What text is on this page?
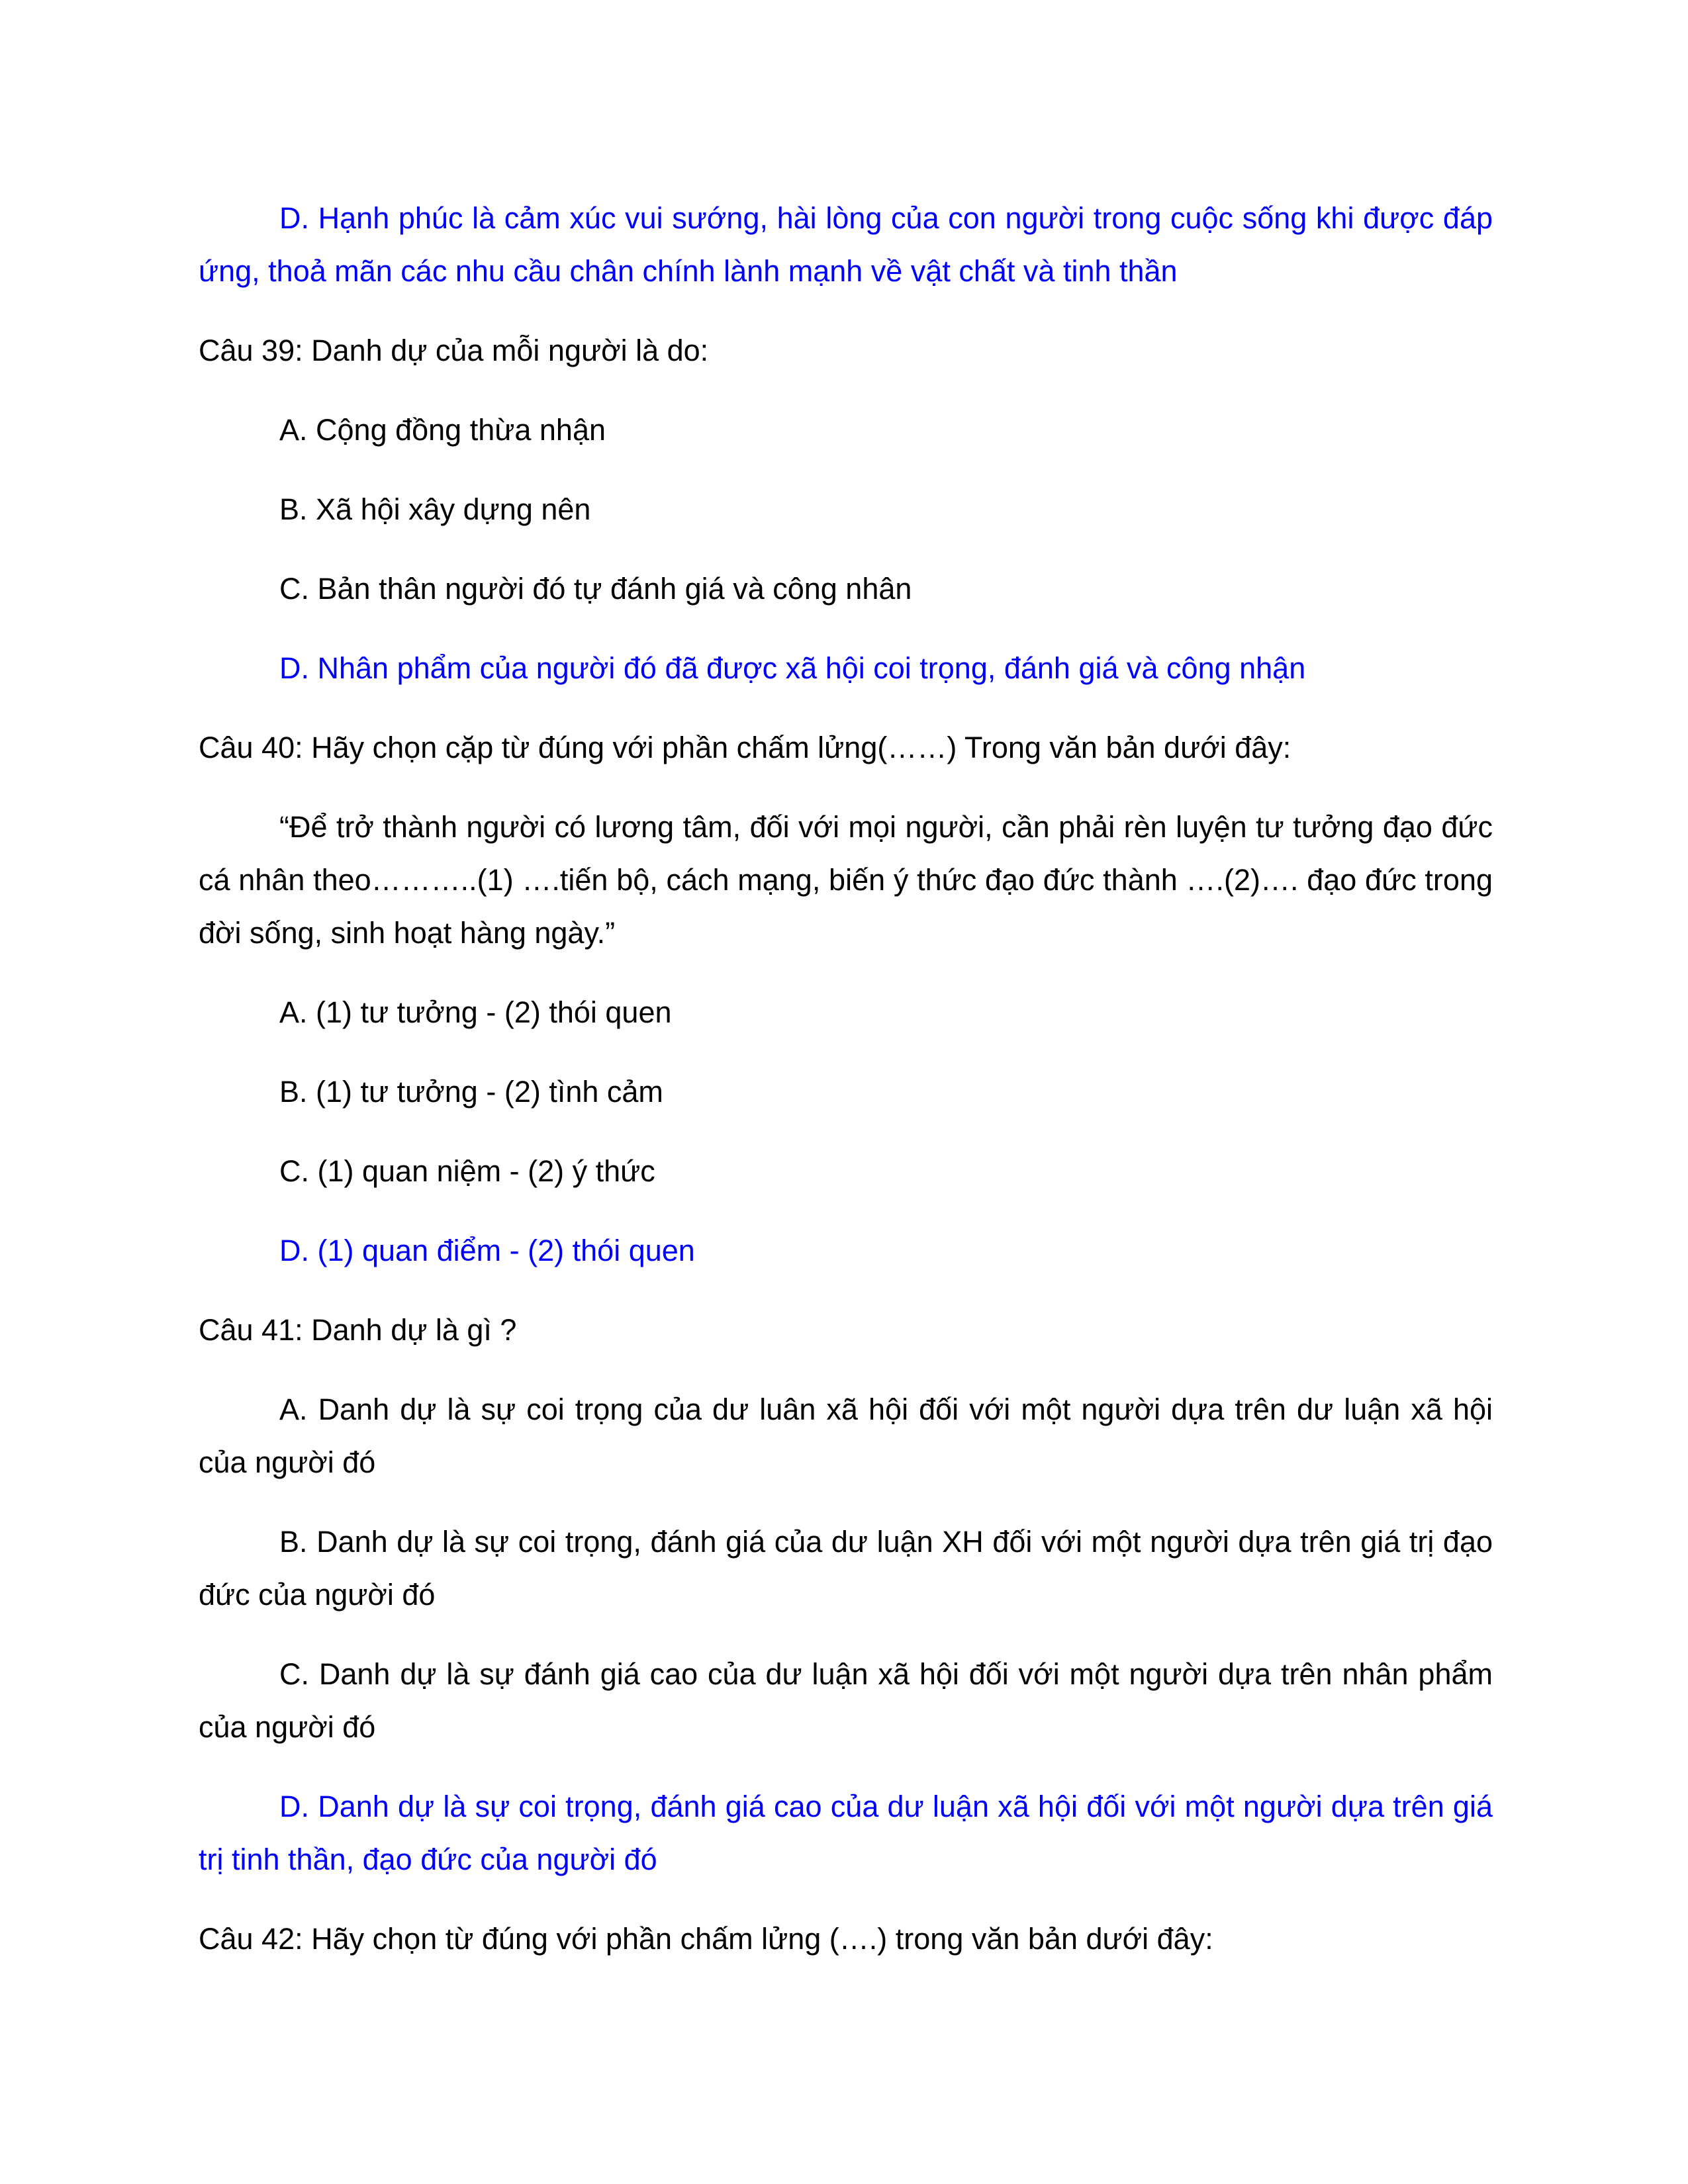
D. Hạnh phúc là cảm xúc vui sướng, hài lòng của con người trong cuộc sống khi được đáp ứng, thoả mãn các nhu cầu chân chính lành mạnh về vật chất và tinh thần

Câu 39: Danh dự của mỗi người là do:

A. Cộng đồng thừa nhận

B. Xã hội xây dựng nên

C. Bản thân người đó tự đánh giá và công nhân

D. Nhân phẩm của người đó đã được xã hội coi trọng, đánh giá và công nhận

Câu 40: Hãy chọn cặp từ đúng với phần chấm lửng(……) Trong văn bản dưới đây:

“Để trở thành người có lương tâm, đối với mọi người, cần phải rèn luyện tư tưởng đạo đức cá nhân theo………..(1) ….tiến bộ, cách mạng, biến ý thức đạo đức thành ….(2)…. đạo đức trong đời sống, sinh hoạt hàng ngày.”

A. (1) tư tưởng - (2) thói quen

B. (1) tư tưởng - (2) tình cảm

C. (1) quan niệm - (2) ý thức

D. (1) quan điểm - (2) thói quen

Câu 41: Danh dự là gì ?

A. Danh dự là sự coi trọng của dư luân xã hội đối với một người dựa trên dư luận xã hội của người đó

B. Danh dự là sự coi trọng, đánh giá của dư luận XH đối với một người dựa trên giá trị đạo đức của người đó

C. Danh dự là sự đánh giá cao của dư luận xã hội đối với một người dựa trên nhân phẩm của người đó

D. Danh dự là sự coi trọng, đánh giá cao của dư luận xã hội đối với một người dựa trên giá trị tinh thần, đạo đức của người đó

Câu 42: Hãy chọn từ đúng với phần chấm lửng (….) trong văn bản dưới đây:
